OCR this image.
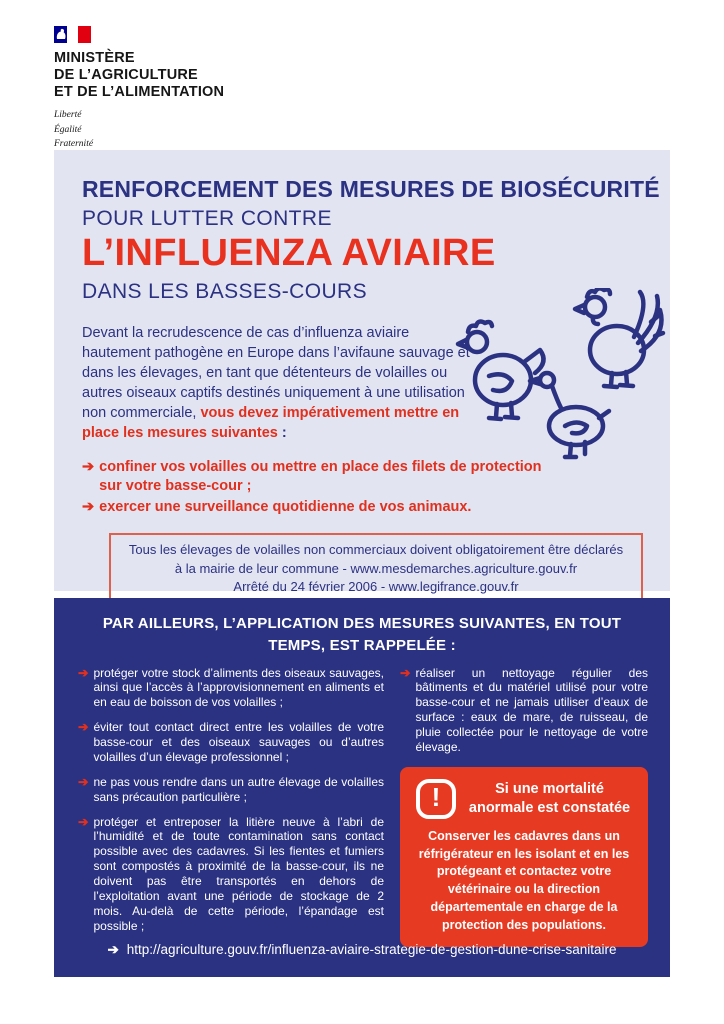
MINISTÈRE
DE L’AGRICULTURE
ET DE L’ALIMENTATION
Liberté
Égalité
Fraternité
RENFORCEMENT DES MESURES DE BIOSÉCURITÉ
POUR LUTTER CONTRE
L’INFLUENZA AVIAIRE
DANS LES BASSES-COURS

Devant la recrudescence de cas d’influenza aviaire hautement pathogène en Europe dans l’avifaune sauvage et dans les élevages, en tant que détenteurs de volailles ou autres oiseaux captifs destinés uniquement à une utilisation non commerciale, vous devez impérativement mettre en place les mesures suivantes :

➔ confiner vos volailles ou mettre en place des filets de protection sur votre basse-cour ;
➔ exercer une surveillance quotidienne de vos animaux.
Tous les élevages de volailles non commerciaux doivent obligatoirement être déclarés
à la mairie de leur commune - www.mesdemarches.agriculture.gouv.fr
Arrêté du 24 février 2006 - www.legifrance.gouv.fr
PAR AILLEURS, L’APPLICATION DES MESURES SUIVANTES, EN TOUT TEMPS, EST RAPPELÉE :
➔ protéger votre stock d’aliments des oiseaux sauvages, ainsi que l’accès à l’approvisionnement en aliments et en eau de boisson de vos volailles ;
➔ éviter tout contact direct entre les volailles de votre basse-cour et des oiseaux sauvages ou d’autres volailles d’un élevage professionnel ;
➔ ne pas vous rendre dans un autre élevage de volailles sans précaution particulière ;
➔ protéger et entreposer la litière neuve à l’abri de l’humidité et de toute contamination sans contact possible avec des cadavres. Si les fientes et fumiers sont compostés à proximité de la basse-cour, ils ne doivent pas être transportés en dehors de l’exploitation avant une période de stockage de 2 mois. Au-delà de cette période, l’épandage est possible ;
➔ réaliser un nettoyage régulier des bâtiments et du matériel utilisé pour votre basse-cour et ne jamais utiliser d’eaux de surface : eaux de mare, de ruisseau, de pluie collectée pour le nettoyage de votre élevage.
!	Si une mortalité anormale est constatée
Conserver les cadavres dans un réfrigérateur en les isolant et en les protégeant et contactez votre vétérinaire ou la direction départementale en charge de la protection des populations.
➔ http://agriculture.gouv.fr/influenza-aviaire-strategie-de-gestion-dune-crise-sanitaire
